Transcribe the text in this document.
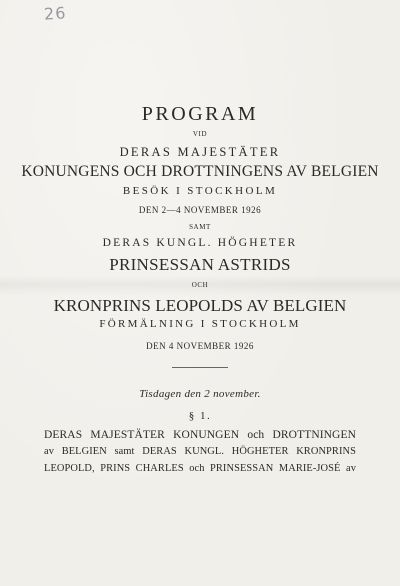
26
PROGRAM
VID
DERAS MAJESTÄTER
KONUNGENS OCH DROTTNINGENS AV BELGIEN
BESÖK I STOCKHOLM
DEN 2—4 NOVEMBER 1926
SAMT
DERAS KUNGL. HÖGHETER
PRINSESSAN ASTRIDS
OCH
KRONPRINS LEOPOLDS AV BELGIEN
FÖRMÄLNING I STOCKHOLM
DEN 4 NOVEMBER 1926
Tisdagen den 2 november.
§ 1.
DERAS MAJESTÄTER KONUNGEN och DROTTNINGEN
av BELGIEN samt DERAS KUNGL. HÖGHETER KRONPRINS
LEOPOLD, PRINS CHARLES och PRINSESSAN MARIE-JOSÉ av
